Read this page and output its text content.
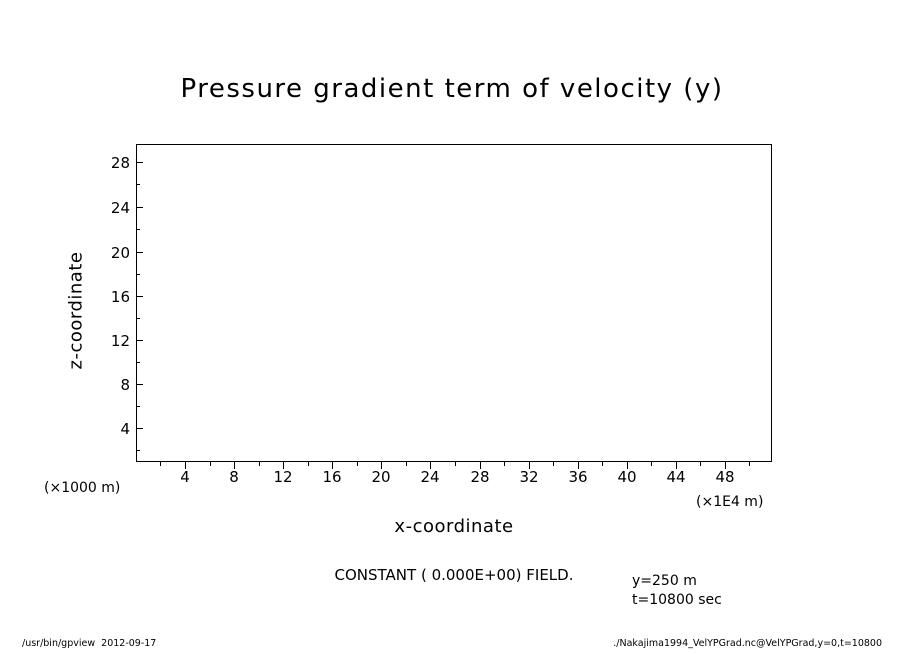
Pressure gradient term of velocity (y)
28
24
20
16
12
8
4
4	8	12	16	20	24	28	32	36	40	44	48
z-coordinate
x-coordinate
(×1000 m)
(×1E4 m)
CONSTANT ( 0.000E+00) FIELD.	y=250 m
t=10800 sec
/usr/bin/gpview  2012-09-17	./Nakajima1994_VelYPGrad.nc@VelYPGrad,y=0,t=10800
